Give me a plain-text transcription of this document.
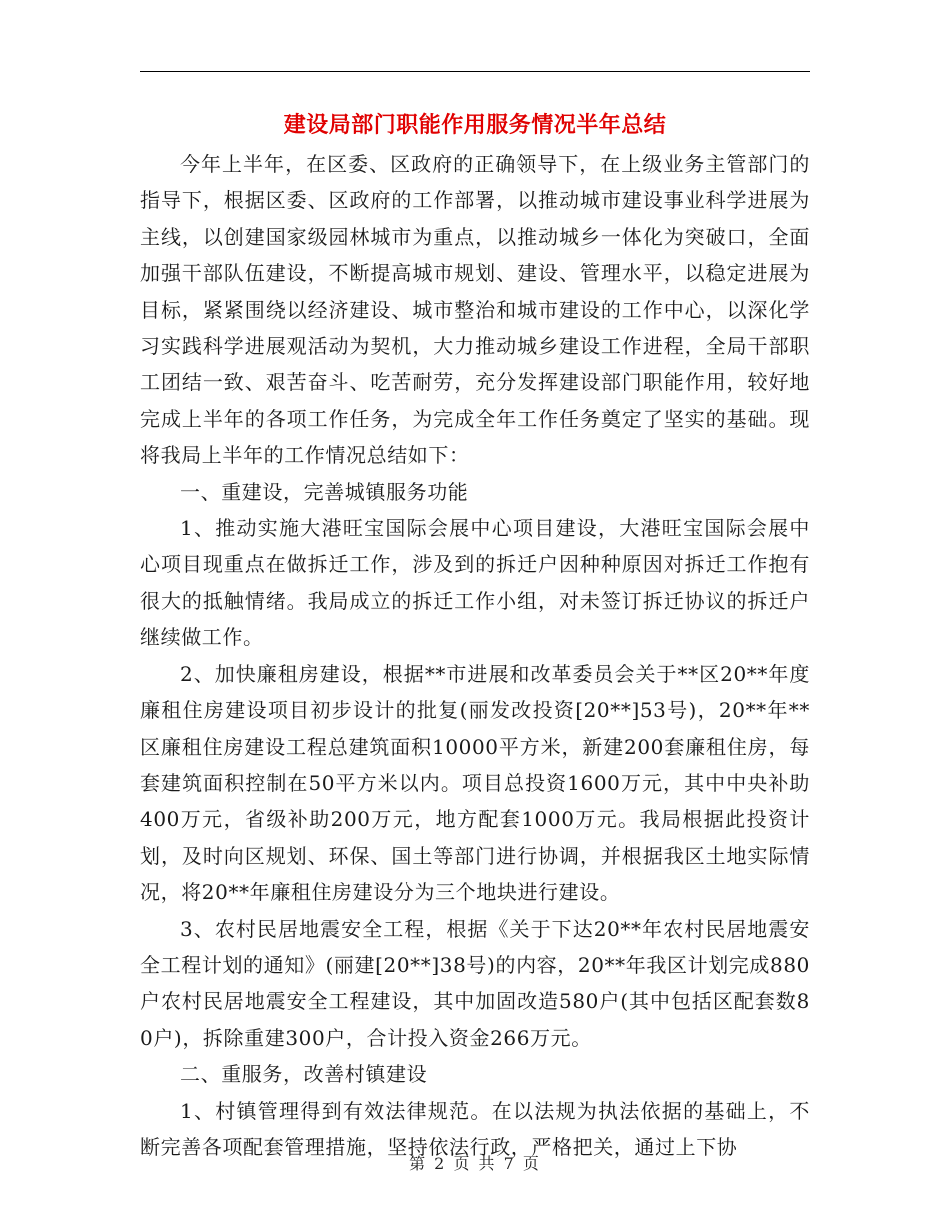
建设局部门职能作用服务情况半年总结

今年上半年，在区委、区政府的正确领导下，在上级业务主管部门的指导下，根据区委、区政府的工作部署，以推动城市建设事业科学进展为主线，以创建国家级园林城市为重点，以推动城乡一体化为突破口，全面加强干部队伍建设，不断提高城市规划、建设、管理水平，以稳定进展为目标，紧紧围绕以经济建设、城市整治和城市建设的工作中心，以深化学习实践科学进展观活动为契机，大力推动城乡建设工作进程，全局干部职工团结一致、艰苦奋斗、吃苦耐劳，充分发挥建设部门职能作用，较好地完成上半年的各项工作任务，为完成全年工作任务奠定了坚实的基础。现将我局上半年的工作情况总结如下：

一、重建设，完善城镇服务功能

1、推动实施大港旺宝国际会展中心项目建设，大港旺宝国际会展中心项目现重点在做拆迁工作，涉及到的拆迁户因种种原因对拆迁工作抱有很大的抵触情绪。我局成立的拆迁工作小组，对未签订拆迁协议的拆迁户继续做工作。

2、加快廉租房建设，根据**市进展和改革委员会关于**区20**年度廉租住房建设项目初步设计的批复(丽发改投资[20**]53号)，20**年**区廉租住房建设工程总建筑面积10000平方米，新建200套廉租住房，每套建筑面积控制在50平方米以内。项目总投资1600万元，其中中央补助400万元，省级补助200万元，地方配套1000万元。我局根据此投资计划，及时向区规划、环保、国土等部门进行协调，并根据我区土地实际情况，将20**年廉租住房建设分为三个地块进行建设。

3、农村民居地震安全工程，根据《关于下达20**年农村民居地震安全工程计划的通知》(丽建[20**]38号)的内容，20**年我区计划完成880户农村民居地震安全工程建设，其中加固改造580户(其中包括区配套数80户)，拆除重建300户，合计投入资金266万元。

二、重服务，改善村镇建设

1、村镇管理得到有效法律规范。在以法规为执法依据的基础上，不断完善各项配套管理措施，坚持依法行政，严格把关，通过上下协

第 2 页 共 7 页
